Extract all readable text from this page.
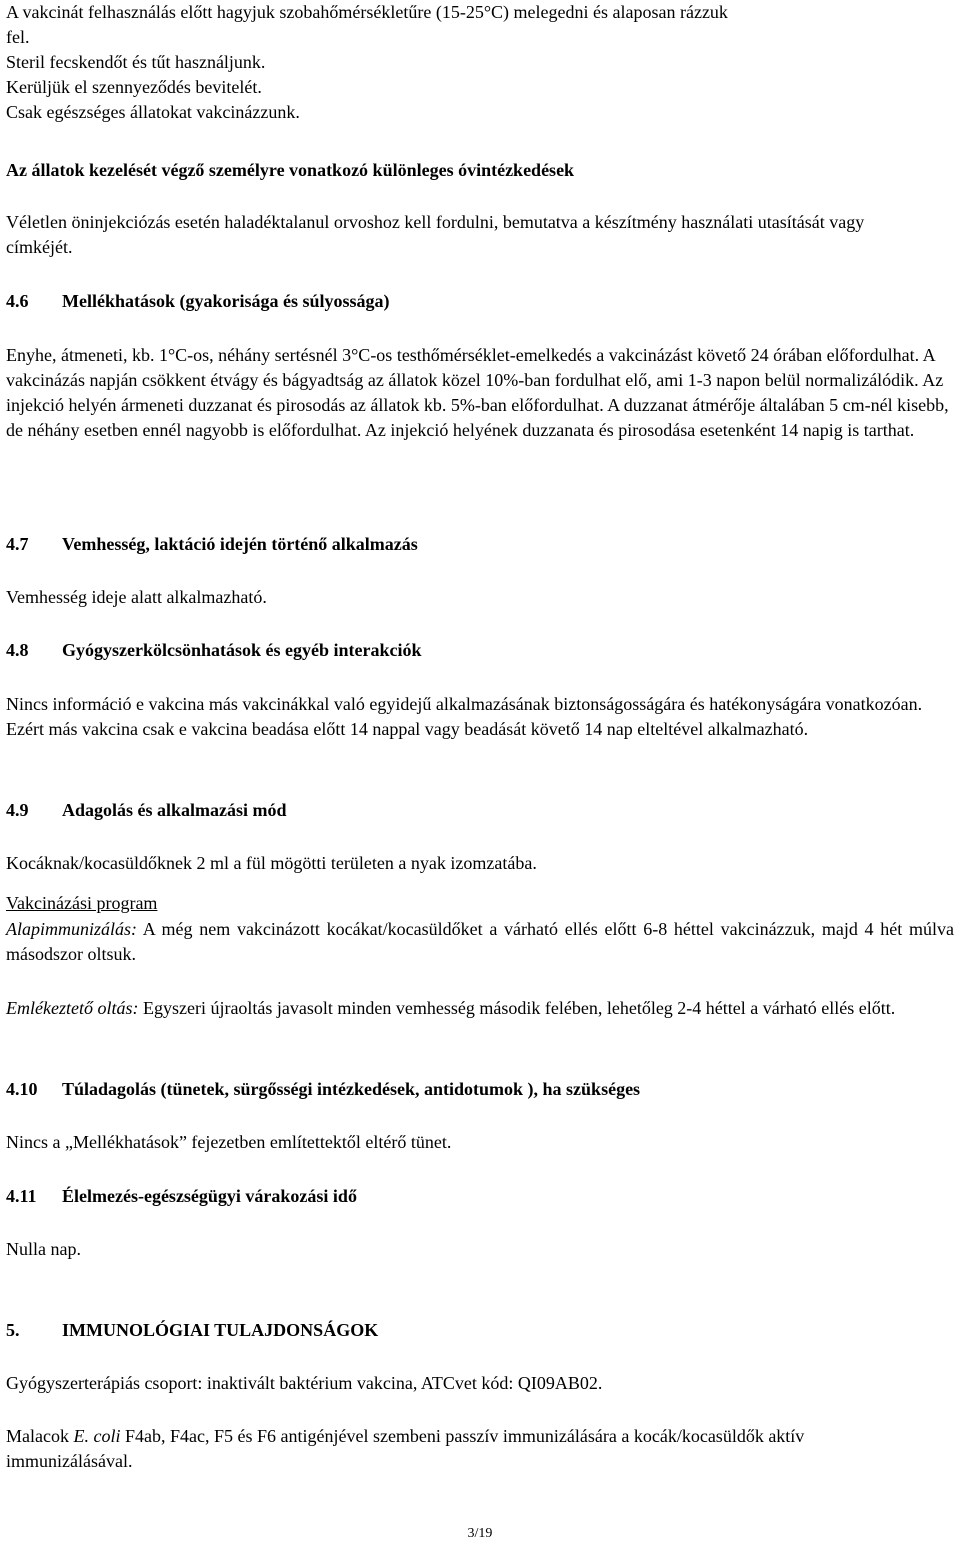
A vakcinát felhasználás előtt hagyjuk szobahőmérsékletűre (15-25°C) melegedni és alaposan rázzuk
fel.
Steril fecskendőt és tűt használjunk.
Kerüljük el szennyeződés bevitelét.
Csak egészséges állatokat vakcinázzunk.
Az állatok kezelését végző személyre vonatkozó különleges óvintézkedések

Véletlen öninjekciózás esetén haladéktalanul orvoshoz kell fordulni, bemutatva a készítmény használati utasítását vagy címkéjét.

4.6 Mellékhatások (gyakorisága és súlyossága)

Enyhe, átmeneti, kb. 1°C-os, néhány sertésnél 3°C-os testhőmérséklet-emelkedés a vakcinázást követő 24 órában előfordulhat. A vakcinázás napján csökkent étvágy és bágyadtság az állatok közel 10%-ban fordulhat elő, ami 1-3 napon belül normalizálódik. Az injekció helyén ármeneti duzzanat és pirosodás az állatok kb. 5%-ban előfordulhat. A duzzanat átmérője általában 5 cm-nél kisebb, de néhány esetben ennél nagyobb is előfordulhat. Az injekció helyének duzzanata és pirosodása esetenként 14 napig is tarthat.

4.7 Vemhesség, laktáció idején történő alkalmazás

Vemhesség ideje alatt alkalmazható.

4.8 Gyógyszerkölcsönhatások és egyéb interakciók

Nincs információ e vakcina más vakcinákkal való egyidejű alkalmazásának biztonságosságára és hatékonyságára vonatkozóan. Ezért más vakcina csak e vakcina beadása előtt 14 nappal vagy beadását követő 14 nap elteltével alkalmazható.

4.9 Adagolás és alkalmazási mód

Kocáknak/kocasüldőknek 2 ml a fül mögötti területen a nyak izomzatába.

Vakcinázási program

Alapimmunizálás: A még nem vakcinázott kocákat/kocasüldőket a várható ellés előtt 6-8 héttel vakcinázzuk, majd 4 hét múlva másodszor oltsuk.

Emlékeztető oltás: Egyszeri újraoltás javasolt minden vemhesség második felében, lehetőleg 2-4 héttel a várható ellés előtt.

4.10 Túladagolás (tünetek, sürgősségi intézkedések, antidotumok ), ha szükséges

Nincs a „Mellékhatások” fejezetben említettektől eltérő tünet.

4.11 Élelmezés-egészségügyi várakozási idő

Nulla nap.

5. IMMUNOLÓGIAI TULAJDONSÁGOK

Gyógyszerterápiás csoport: inaktivált baktérium vakcina, ATCvet kód: QI09AB02.

Malacok E. coli F4ab, F4ac, F5 és F6 antigénjével szembeni passzív immunizálására a kocák/kocasüldők aktív immunizálásával.

3/19
